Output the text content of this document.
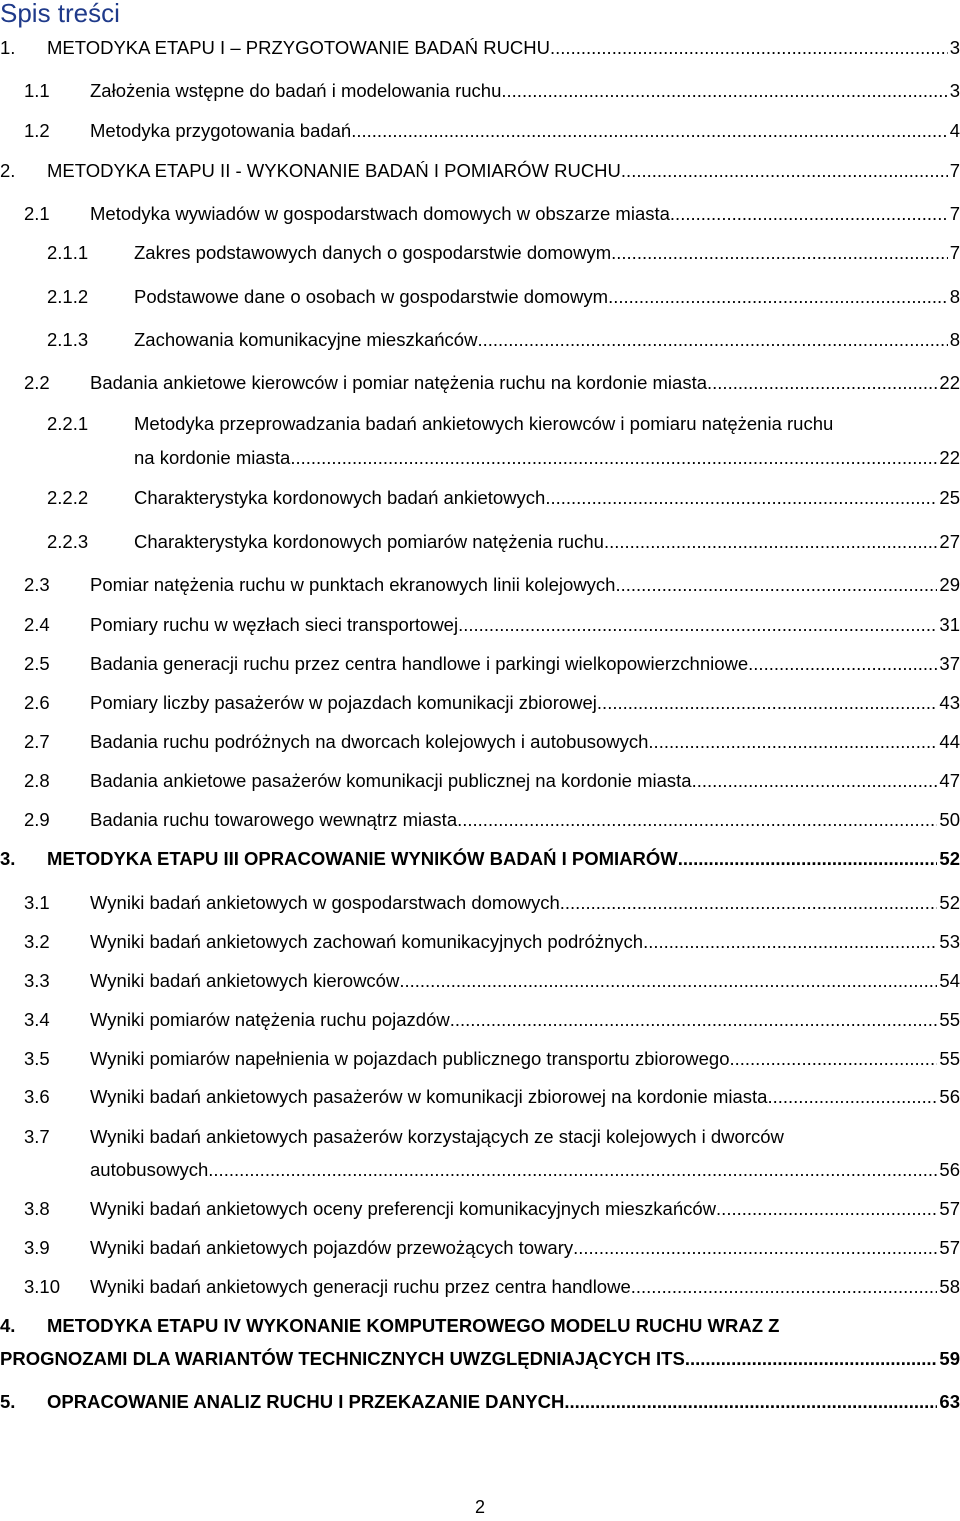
Spis treści
1. METODYKA ETAPU I – PRZYGOTOWANIE BADAŃ RUCHU .....	3
1.1 Założenia wstępne do badań i modelowania ruchu .....	3
1.2 Metodyka przygotowania badań .....	4
2. METODYKA ETAPU II - WYKONANIE BADAŃ I POMIARÓW RUCHU .....	7
2.1 Metodyka wywiadów w gospodarstwach domowych w obszarze miasta .....	7
2.1.1 Zakres podstawowych danych o gospodarstwie domowym .....	7
2.1.2 Podstawowe dane o osobach w gospodarstwie domowym .....	8
2.1.3 Zachowania komunikacyjne mieszkańców .....	8
2.2 Badania ankietowe kierowców i pomiar natężenia ruchu na kordonie miasta .....	22
2.2.1 Metodyka przeprowadzania badań ankietowych kierowców i pomiaru natężenia ruchu
na kordonie miasta .....	22
2.2.2 Charakterystyka kordonowych badań ankietowych .....	25
2.2.3 Charakterystyka kordonowych pomiarów natężenia ruchu .....	27
2.3 Pomiar natężenia ruchu w punktach ekranowych linii kolejowych. .....	29
2.4 Pomiary ruchu w węzłach sieci transportowej .....	31
2.5 Badania generacji ruchu przez centra handlowe i parkingi wielkopowierzchniowe .....	37
2.6 Pomiary liczby pasażerów w pojazdach komunikacji zbiorowej .....	43
2.7 Badania ruchu podróżnych na dworcach kolejowych i autobusowych .....	44
2.8 Badania ankietowe pasażerów komunikacji publicznej na kordonie miasta .....	47
2.9 Badania ruchu towarowego wewnątrz miasta .....	50
3. METODYKA ETAPU III OPRACOWANIE WYNIKÓW BADAŃ I POMIARÓW .....	52
3.1 Wyniki badań ankietowych w gospodarstwach domowych .....	52
3.2 Wyniki badań ankietowych zachowań komunikacyjnych podróżnych .....	53
3.3 Wyniki badań ankietowych kierowców .....	54
3.4 Wyniki pomiarów natężenia ruchu pojazdów .....	55
3.5 Wyniki pomiarów napełnienia w pojazdach publicznego transportu zbiorowego. .....	55
3.6 Wyniki badań ankietowych pasażerów w komunikacji zbiorowej na kordonie miasta. .....	56
3.7 Wyniki badań ankietowych pasażerów korzystających ze stacji kolejowych i dworców
autobusowych .....	56
3.8 Wyniki badań ankietowych oceny preferencji komunikacyjnych mieszkańców .....	57
3.9 Wyniki badań ankietowych pojazdów przewożących towary .....	57
3.10 Wyniki badań ankietowych generacji ruchu przez centra handlowe .....	58
4. METODYKA ETAPU IV WYKONANIE KOMPUTEROWEGO MODELU RUCHU WRAZ Z
PROGNOZAMI DLA WARIANTÓW TECHNICZNYCH UWZGLĘDNIAJĄCYCH ITS .....	59
5. OPRACOWANIE ANALIZ RUCHU I PRZEKAZANIE DANYCH .....	63
2
